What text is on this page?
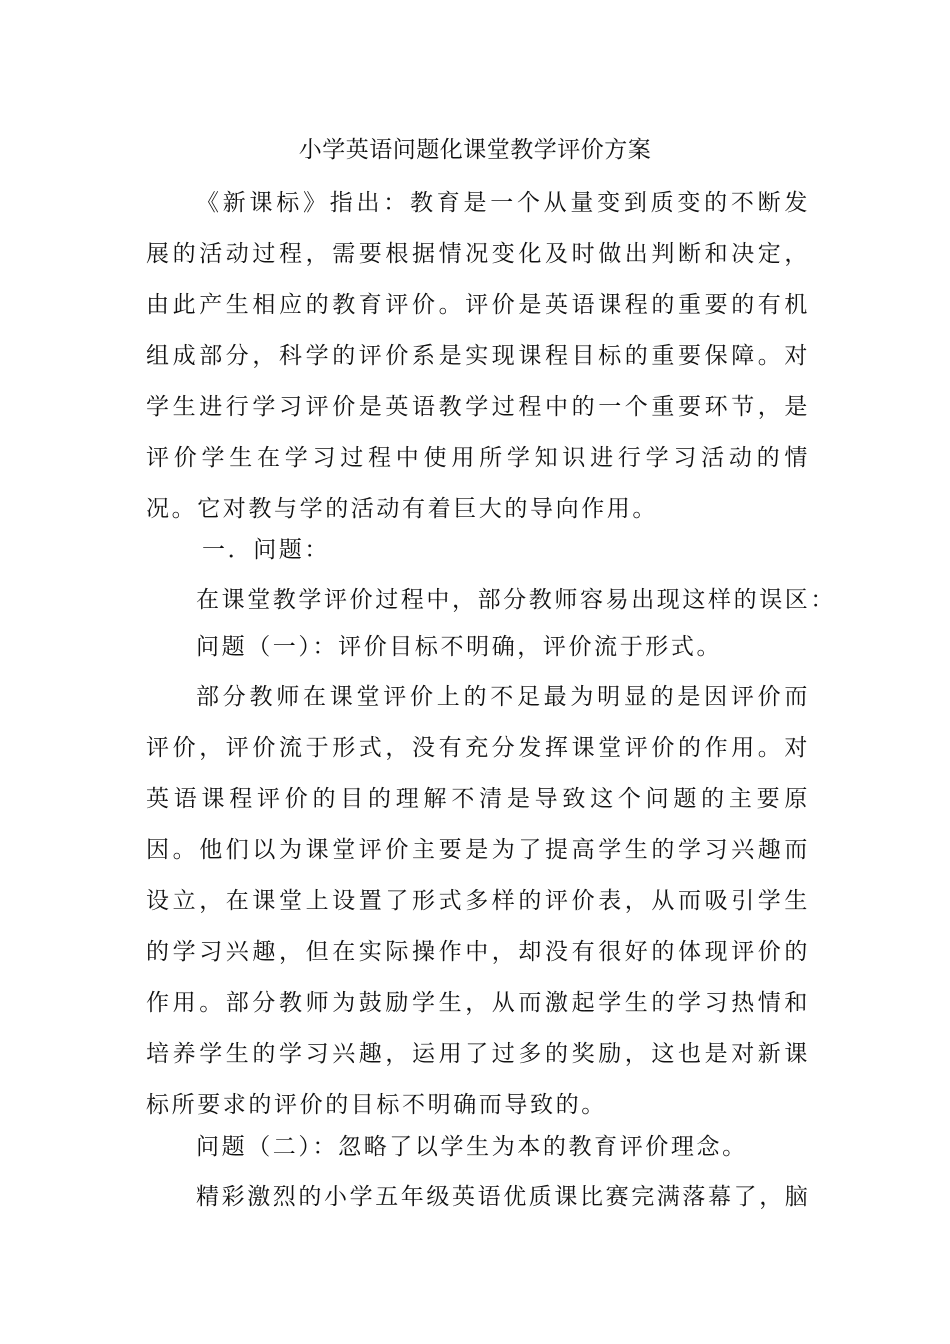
小学英语问题化课堂教学评价方案

《新课标》指出：教育是一个从量变到质变的不断发展的活动过程，需要根据情况变化及时做出判断和决定，由此产生相应的教育评价。评价是英语课程的重要的有机组成部分，科学的评价系是实现课程目标的重要保障。对学生进行学习评价是英语教学过程中的一个重要环节，是评价学生在学习过程中使用所学知识进行学习活动的情况。它对教与学的活动有着巨大的导向作用。

一．问题：

在课堂教学评价过程中，部分教师容易出现这样的误区：

问题（一）：评价目标不明确，评价流于形式。

部分教师在课堂评价上的不足最为明显的是因评价而评价，评价流于形式，没有充分发挥课堂评价的作用。对英语课程评价的目的理解不清是导致这个问题的主要原因。他们以为课堂评价主要是为了提高学生的学习兴趣而设立，在课堂上设置了形式多样的评价表，从而吸引学生的学习兴趣，但在实际操作中，却没有很好的体现评价的作用。部分教师为鼓励学生，从而激起学生的学习热情和培养学生的学习兴趣，运用了过多的奖励，这也是对新课标所要求的评价的目标不明确而导致的。

问题（二）：忽略了以学生为本的教育评价理念。

精彩激烈的小学五年级英语优质课比赛完满落幕了，脑
